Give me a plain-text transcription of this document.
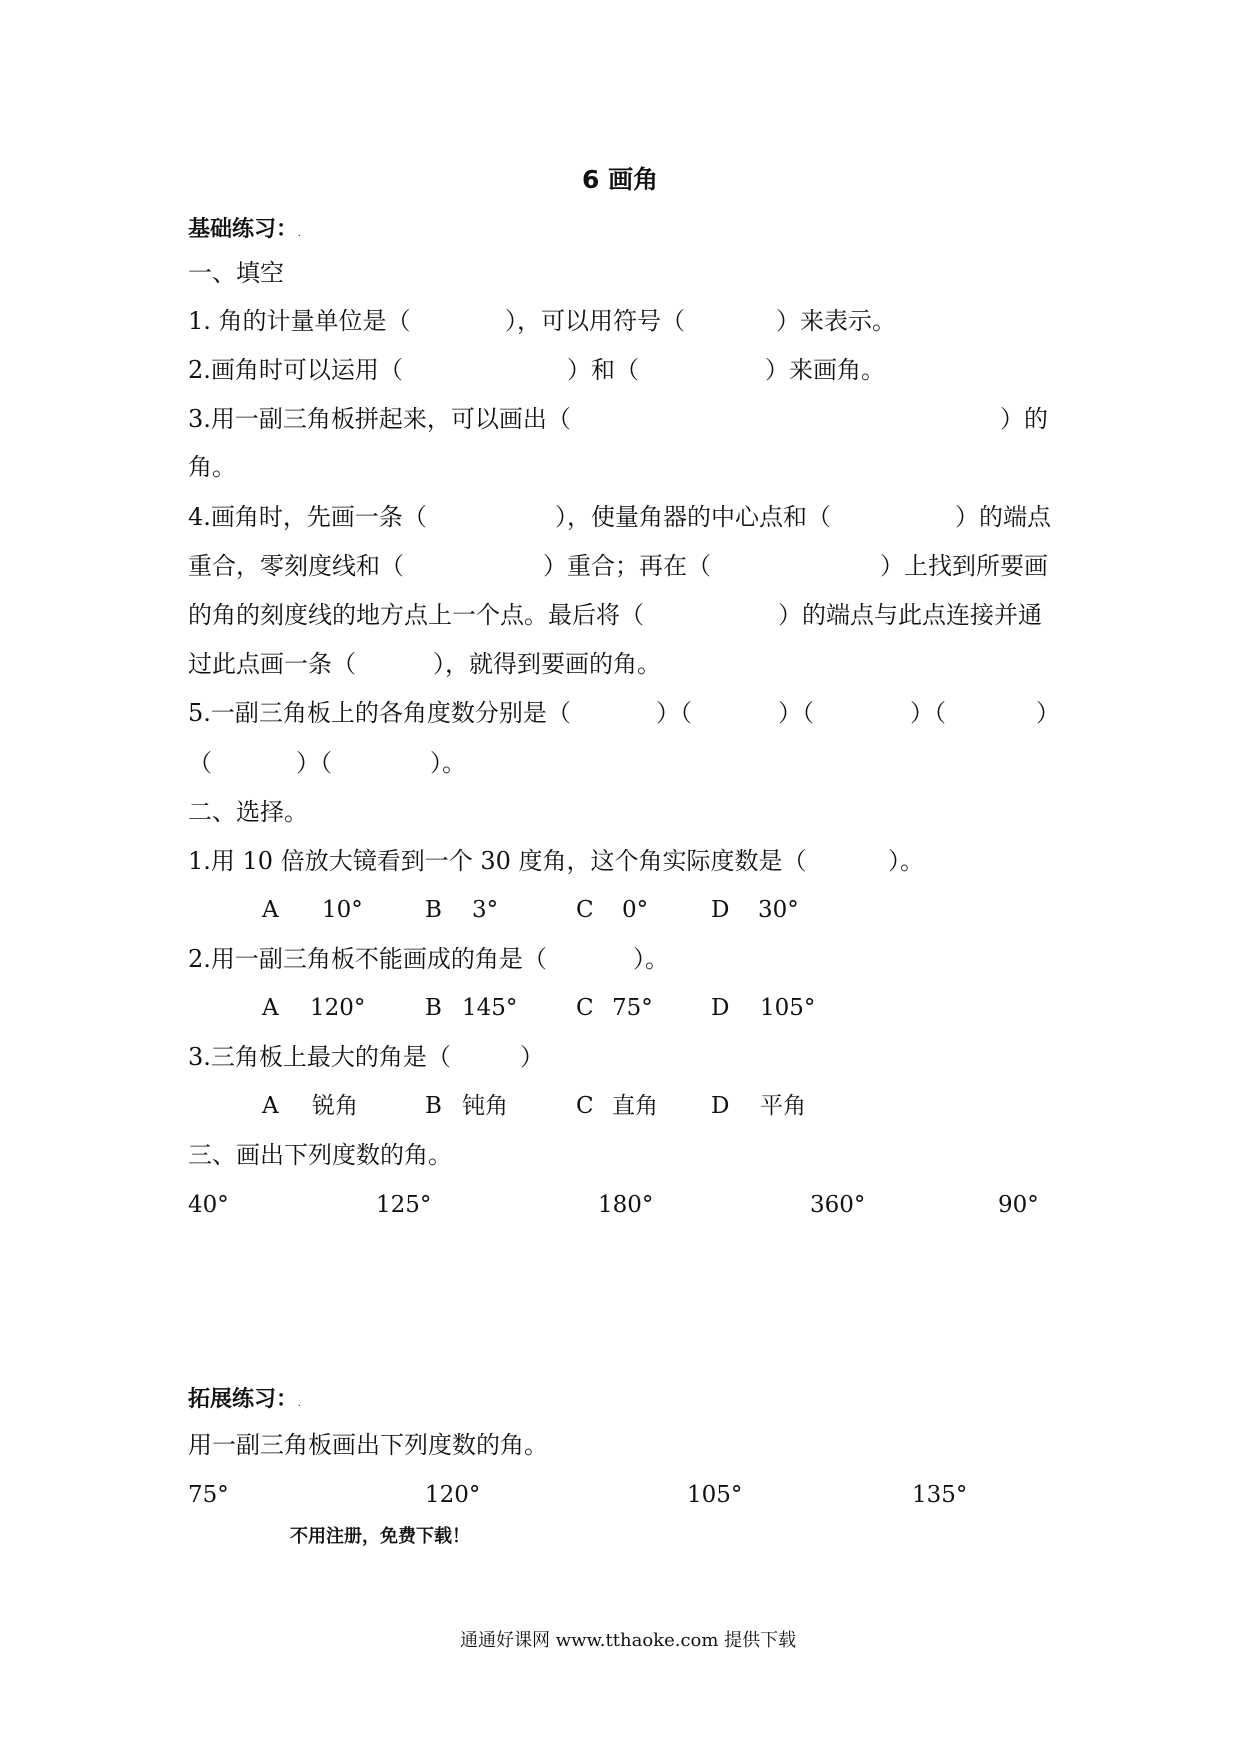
6 画角
基础练习：.
一、填空
1. 角的计量单位是（	），可以用符号（	）来表示。
2.画角时可以运用（	）和（	）来画角。
3.用一副三角板拼起来，可以画出（	）的
角。
4.画角时，先画一条（	），使量角器的中心点和（	）的端点
重合，零刻度线和（	）重合；再在（	）上找到所要画
的角的刻度线的地方点上一个点。最后将（	）的端点与此点连接并通
过此点画一条（	），就得到要画的角。
5.一副三角板上的各角度数分别是（	）（	）（	）（	）
（	）（	）。
二、选择。
1.用 10 倍放大镜看到一个 30 度角，这个角实际度数是（	）。
A 10°	B 3°	C 0°	D 30°
2.用一副三角板不能画成的角是（	）。
A 120°	B 145°	C 75°	D 105°
3.三角板上最大的角是（	）
A 锐角	B 钝角	C 直角 D 平角
三、画出下列度数的角。
40°	125°	180°	360°	90°
拓展练习：.
用一副三角板画出下列度数的角。
75°	120°	105°	135°
不用注册，免费下载！
通通好课网 www.tthaoke.com 提供下载
